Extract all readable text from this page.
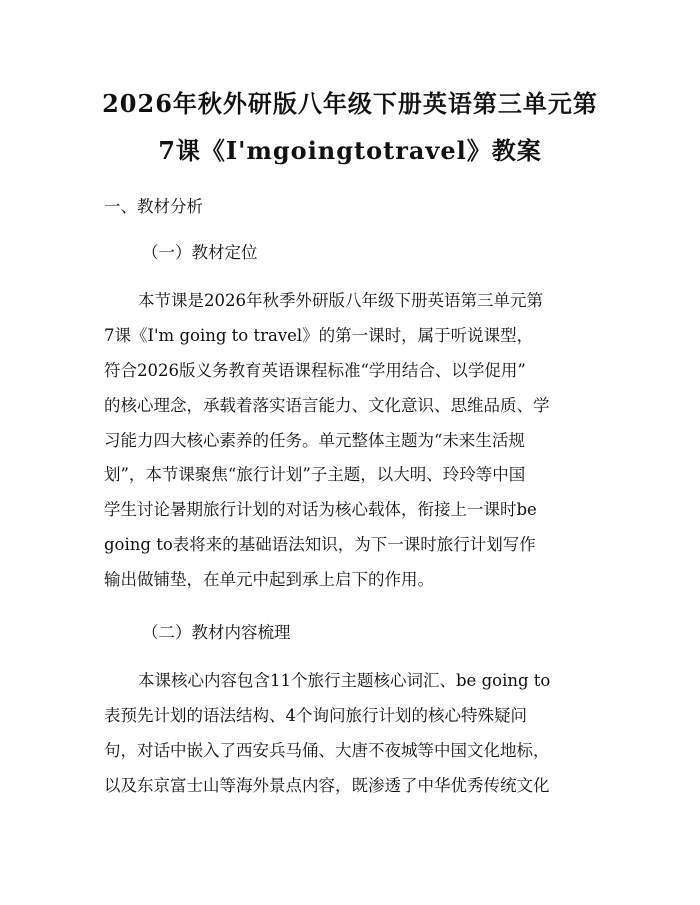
2026年秋外研版八年级下册英语第三单元第
7课《I'mgoingtotravel》教案

一、教材分析

（一）教材定位

本节课是2026年秋季外研版八年级下册英语第三单元第

7课《I'm going to travel》的第一课时，属于听说课型，

符合2026版义务教育英语课程标准“学用结合、以学促用”

的核心理念，承载着落实语言能力、文化意识、思维品质、学

习能力四大核心素养的任务。单元整体主题为“未来生活规

划”，本节课聚焦“旅行计划”子主题，以大明、玲玲等中国

学生讨论暑期旅行计划的对话为核心载体，衔接上一课时be

going to表将来的基础语法知识，为下一课时旅行计划写作

输出做铺垫，在单元中起到承上启下的作用。

（二）教材内容梳理

本课核心内容包含11个旅行主题核心词汇、be going to

表预先计划的语法结构、4个询问旅行计划的核心特殊疑问

句，对话中嵌入了西安兵马俑、大唐不夜城等中国文化地标，

以及东京富士山等海外景点内容，既渗透了中华优秀传统文化
